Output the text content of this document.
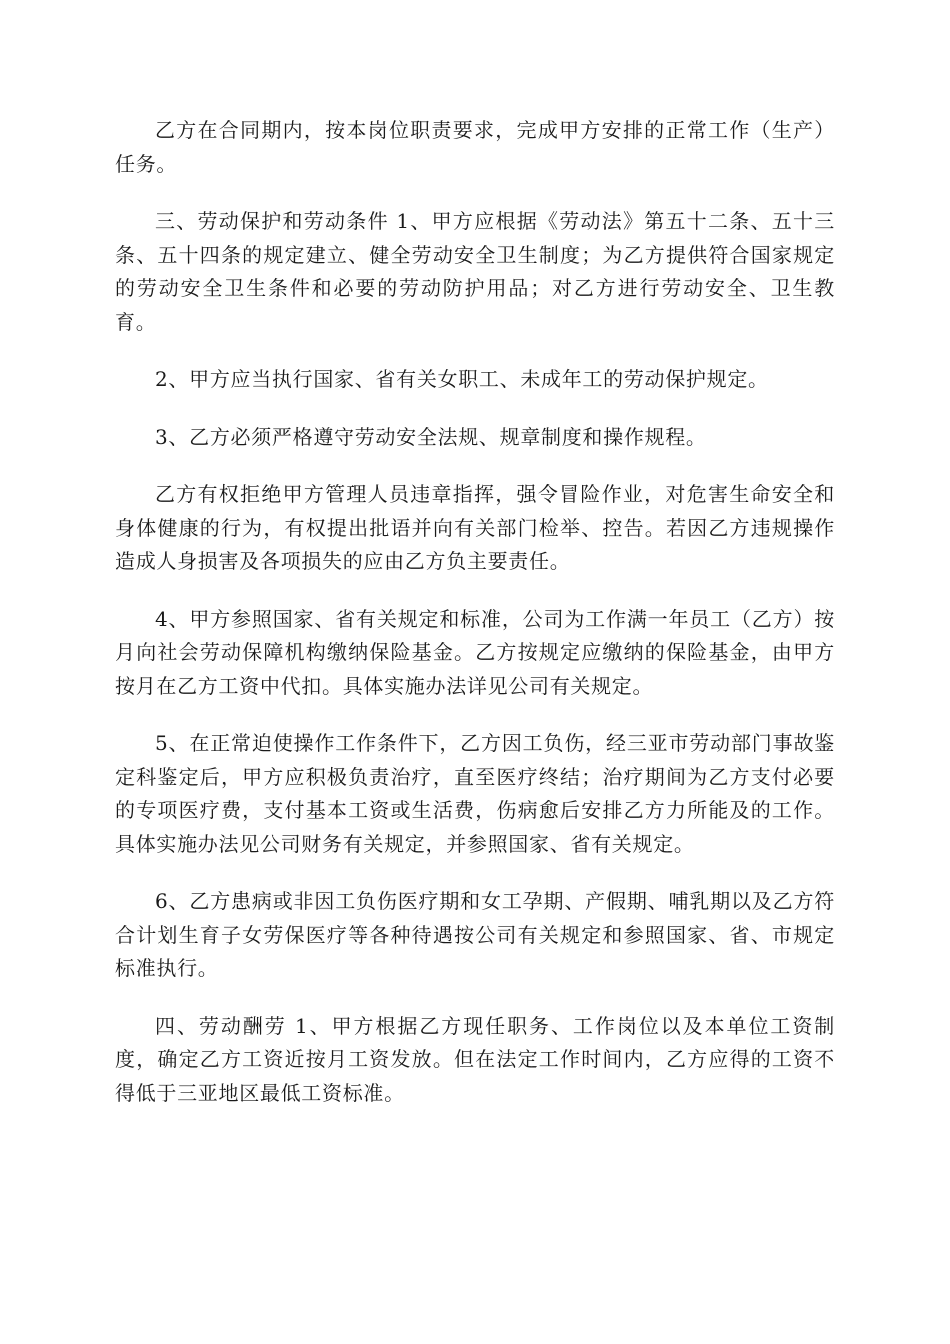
乙方在合同期内，按本岗位职责要求，完成甲方安排的正常工作（生产）任务。

三、劳动保护和劳动条件 1、甲方应根据《劳动法》第五十二条、五十三条、五十四条的规定建立、健全劳动安全卫生制度；为乙方提供符合国家规定的劳动安全卫生条件和必要的劳动防护用品；对乙方进行劳动安全、卫生教育。

2、甲方应当执行国家、省有关女职工、未成年工的劳动保护规定。

3、乙方必须严格遵守劳动安全法规、规章制度和操作规程。

乙方有权拒绝甲方管理人员违章指挥，强令冒险作业，对危害生命安全和身体健康的行为，有权提出批语并向有关部门检举、控告。若因乙方违规操作造成人身损害及各项损失的应由乙方负主要责任。

4、甲方参照国家、省有关规定和标准，公司为工作满一年员工（乙方）按月向社会劳动保障机构缴纳保险基金。乙方按规定应缴纳的保险基金，由甲方按月在乙方工资中代扣。具体实施办法详见公司有关规定。

5、在正常迫使操作工作条件下，乙方因工负伤，经三亚市劳动部门事故鉴定科鉴定后，甲方应积极负责治疗，直至医疗终结；治疗期间为乙方支付必要的专项医疗费，支付基本工资或生活费，伤病愈后安排乙方力所能及的工作。具体实施办法见公司财务有关规定，并参照国家、省有关规定。

6、乙方患病或非因工负伤医疗期和女工孕期、产假期、哺乳期以及乙方符合计划生育子女劳保医疗等各种待遇按公司有关规定和参照国家、省、市规定标准执行。

四、劳动酬劳 1、甲方根据乙方现任职务、工作岗位以及本单位工资制度，确定乙方工资近按月工资发放。但在法定工作时间内，乙方应得的工资不得低于三亚地区最低工资标准。
